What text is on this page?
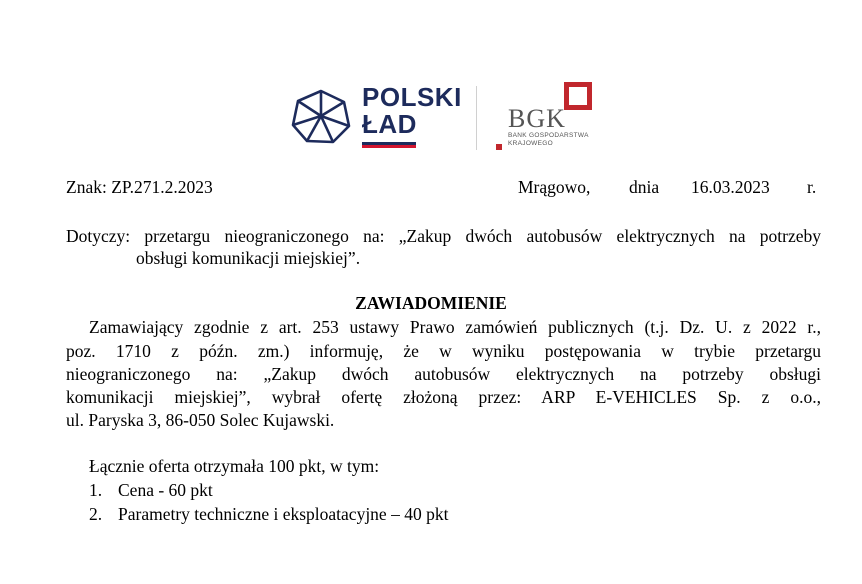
POLSKI
ŁAD	BGK
BANK GOSPODARSTWA
KRAJOWEGO
Znak: ZP.271.2.2023	Mrągowo, dnia 16.03.2023 r.
Dotyczy: przetargu nieograniczonego na: „Zakup dwóch autobusów elektrycznych na potrzeby
obsługi komunikacji miejskiej”.
ZAWIADOMIENIE
Zamawiający zgodnie z art. 253 ustawy Prawo zamówień publicznych (t.j. Dz. U. z 2022 r.,
poz. 1710 z późn. zm.) informuję, że w wyniku postępowania w trybie przetargu
nieograniczonego na: „Zakup dwóch autobusów elektrycznych na potrzeby obsługi
komunikacji miejskiej”, wybrał ofertę złożoną przez: ARP E-VEHICLES Sp. z o.o.,
ul. Paryska 3, 86-050 Solec Kujawski.
Łącznie oferta otrzymała 100 pkt, w tym:
1. Cena - 60 pkt
2. Parametry techniczne i eksploatacyjne – 40 pkt
